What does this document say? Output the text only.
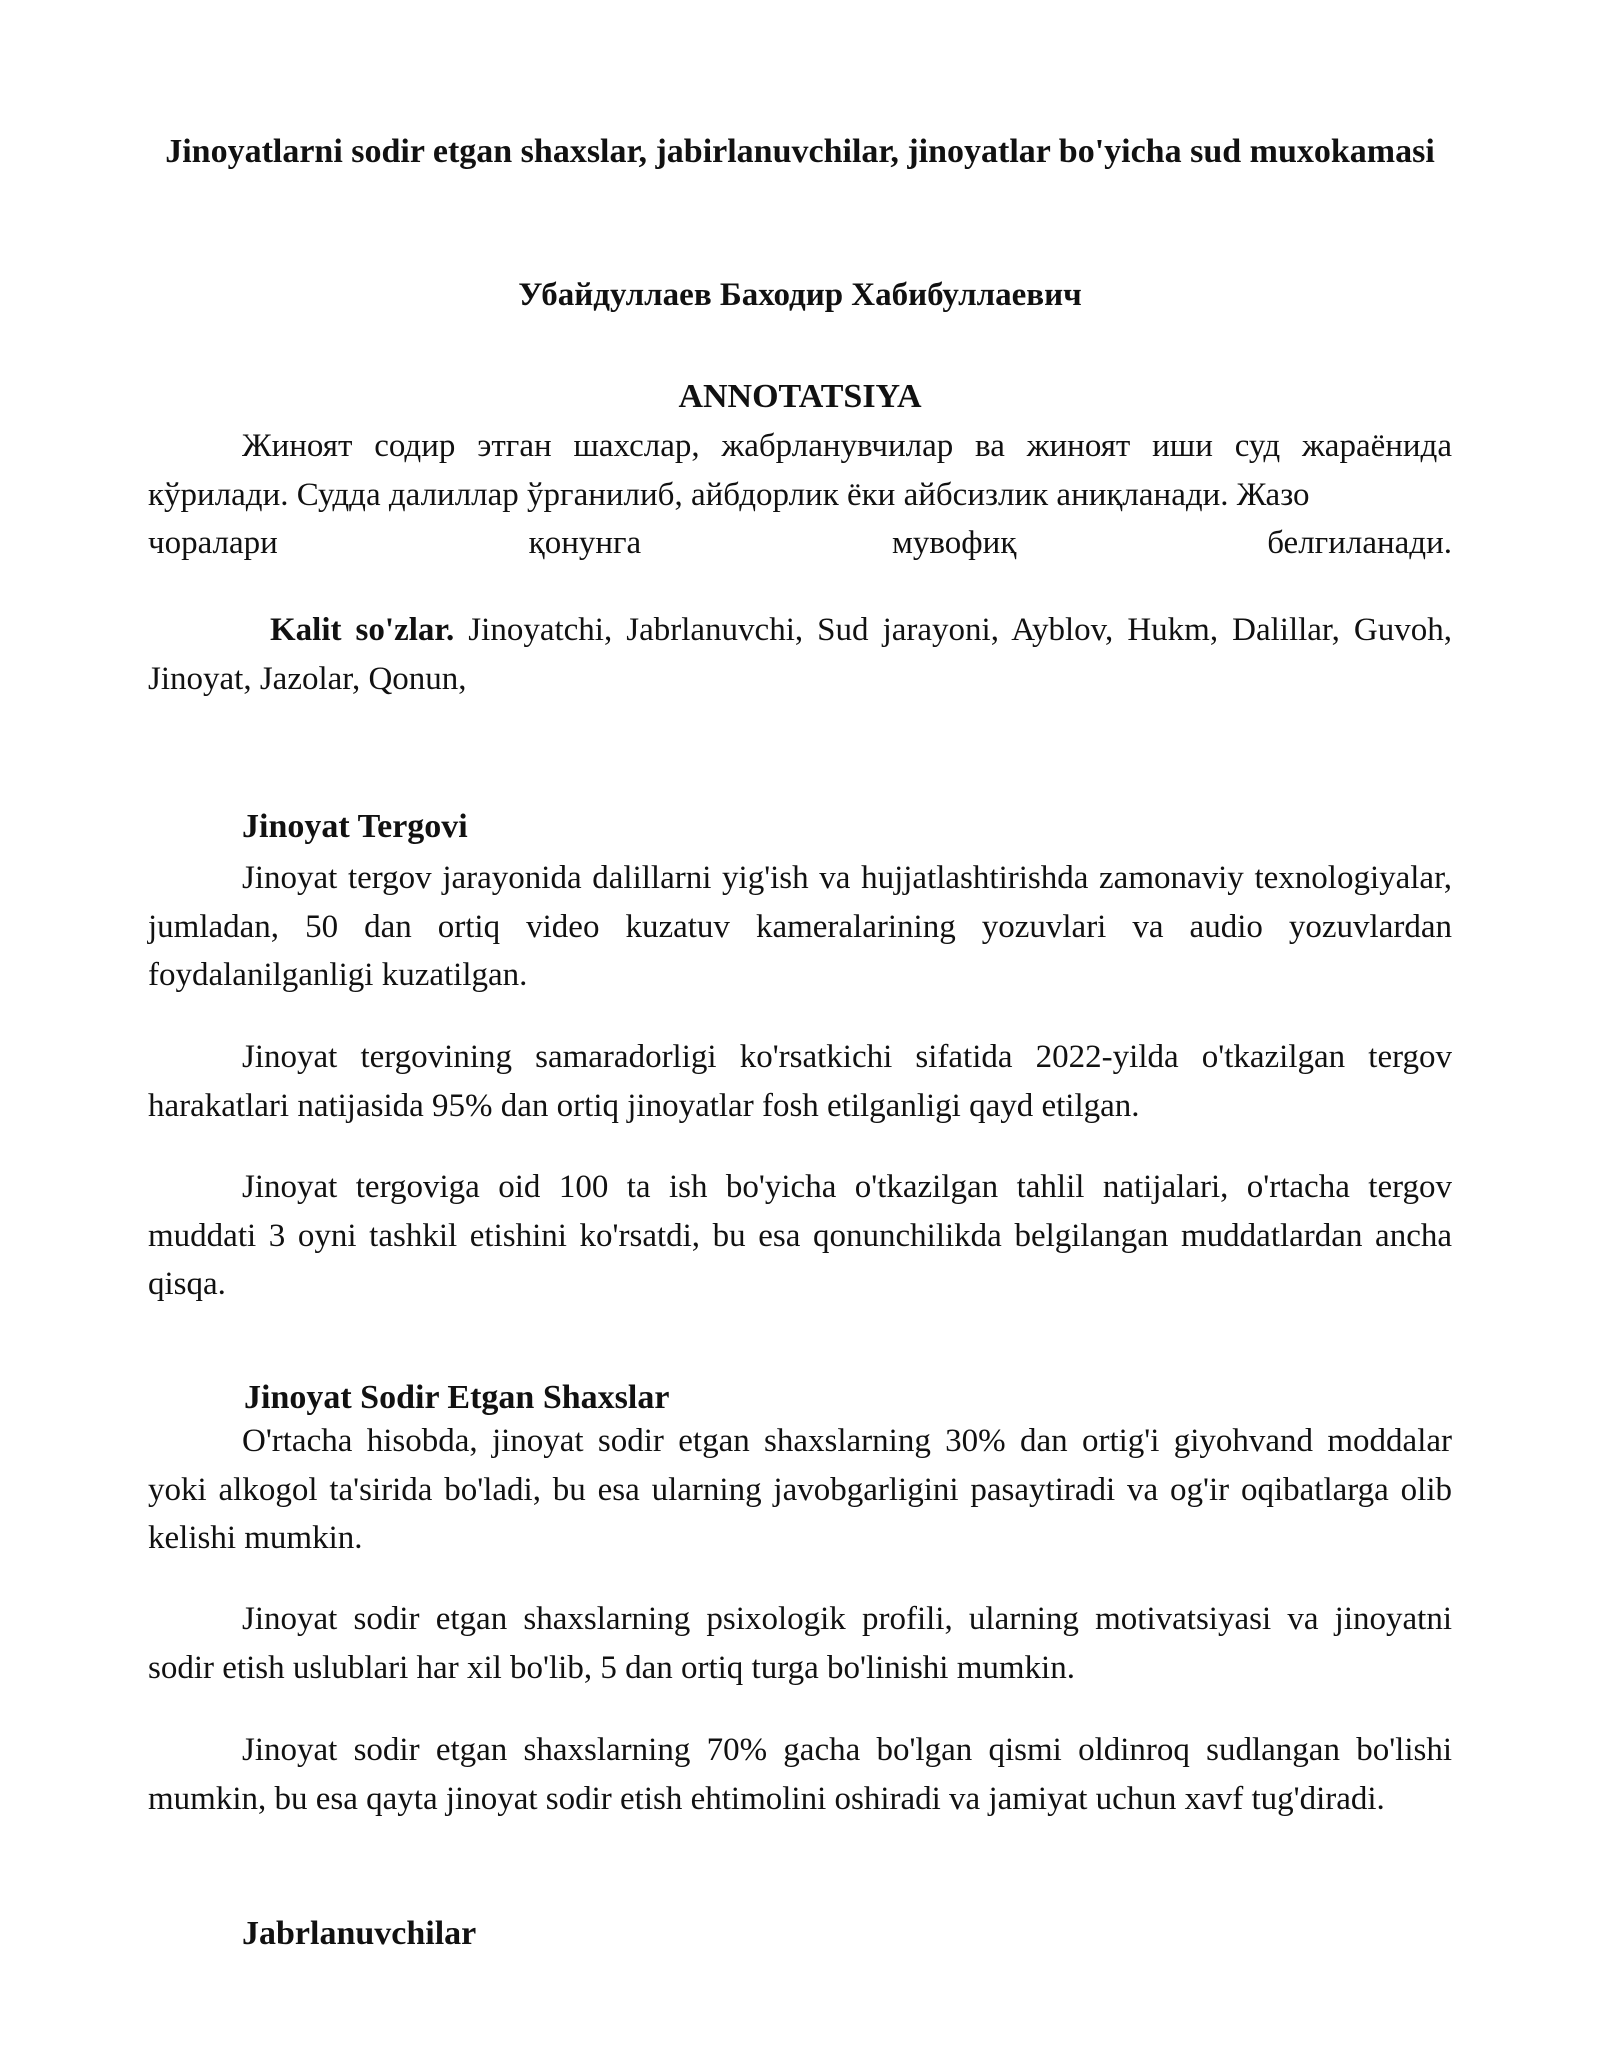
Jinoyatlarni sodir etgan shaxslar, jabirlanuvchilar, jinoyatlar bo'yicha sud muxokamasi
Убайдуллаев Баходир Хабибуллаевич
ANNOTATSIYA

Жиноят содир этган шахслар, жабрланувчилар ва жиноят иши суд жараёнида кўрилади. Судда далиллар ўрганилиб, айбдорлик ёки айбсизлик аниқланади. Жазо

чоралари қонунга мувофиқ белгиланади.

Kalit so'zlar. Jinoyatchi, Jabrlanuvchi, Sud jarayoni, Ayblov, Hukm, Dalillar, Guvoh, Jinoyat, Jazolar, Qonun,

Jinoyat Tergovi

Jinoyat tergov jarayonida dalillarni yig'ish va hujjatlashtirishda zamonaviy texnologiyalar, jumladan, 50 dan ortiq video kuzatuv kameralarining yozuvlari va audio yozuvlardan foydalanilganligi kuzatilgan.

Jinoyat tergovining samaradorligi ko'rsatkichi sifatida 2022-yilda o'tkazilgan tergov harakatlari natijasida 95% dan ortiq jinoyatlar fosh etilganligi qayd etilgan.

Jinoyat tergoviga oid 100 ta ish bo'yicha o'tkazilgan tahlil natijalari, o'rtacha tergov muddati 3 oyni tashkil etishini ko'rsatdi, bu esa qonunchilikda belgilangan muddatlardan ancha qisqa.

Jinoyat Sodir Etgan Shaxslar

O'rtacha hisobda, jinoyat sodir etgan shaxslarning 30% dan ortig'i giyohvand moddalar yoki alkogol ta'sirida bo'ladi, bu esa ularning javobgarligini pasaytiradi va og'ir oqibatlarga olib kelishi mumkin.

Jinoyat sodir etgan shaxslarning psixologik profili, ularning motivatsiyasi va jinoyatni sodir etish uslublari har xil bo'lib, 5 dan ortiq turga bo'linishi mumkin.

Jinoyat sodir etgan shaxslarning 70% gacha bo'lgan qismi oldinroq sudlangan bo'lishi mumkin, bu esa qayta jinoyat sodir etish ehtimolini oshiradi va jamiyat uchun xavf tug'diradi.

Jabrlanuvchilar
